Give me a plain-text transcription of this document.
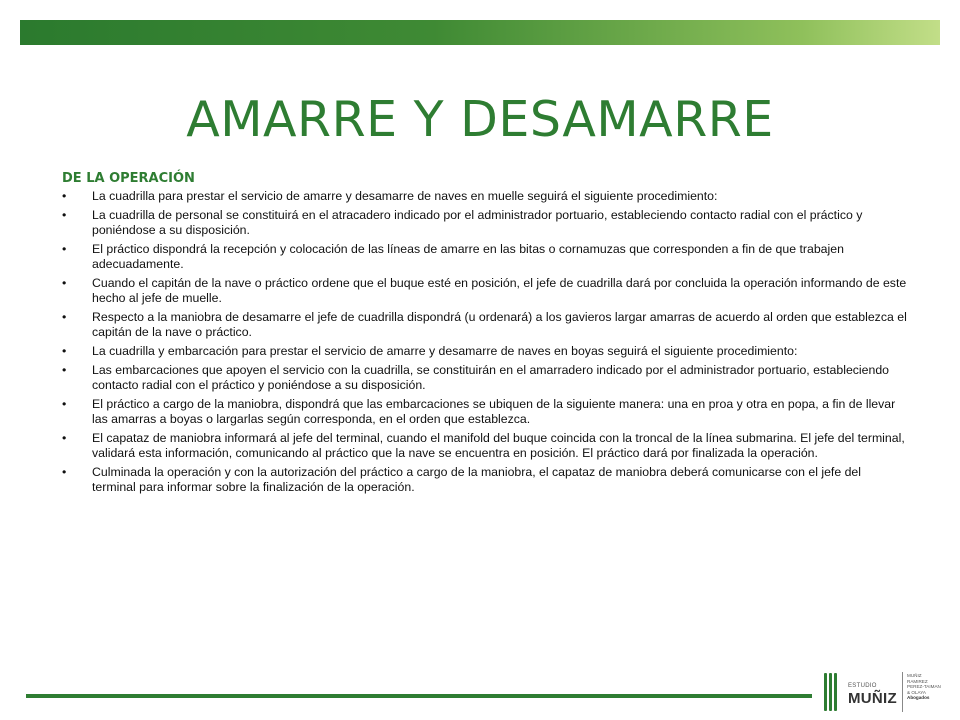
AMARRE Y DESAMARRE
DE LA OPERACIÓN
•	La cuadrilla para prestar el servicio de amarre y desamarre de naves en muelle seguirá el siguiente procedimiento:
•	La cuadrilla de personal se constituirá en el atracadero indicado por el administrador portuario, estableciendo contacto radial con el práctico y poniéndose a su disposición.
•	El práctico dispondrá la recepción y colocación de las líneas de amarre en las bitas o cornamuzas que corresponden a fin de que trabajen adecuadamente.
•	Cuando el capitán de la nave o práctico ordene que el buque esté en posición, el jefe de cuadrilla dará por concluida la operación informando de este hecho al jefe de muelle.
•	Respecto a la maniobra de desamarre el jefe de cuadrilla dispondrá (u ordenará) a los gavieros largar amarras de acuerdo al orden que establezca el capitán de la nave o práctico.
•	La cuadrilla y embarcación para prestar el servicio de amarre y desamarre de naves en boyas seguirá el siguiente procedimiento:
•	Las embarcaciones que apoyen el servicio con la cuadrilla, se constituirán en el amarradero indicado por el administrador portuario, estableciendo contacto radial con el práctico y poniéndose a su disposición.
•	El práctico a cargo de la maniobra, dispondrá que las embarcaciones se ubiquen de la siguiente manera: una en proa y otra en popa, a fin de llevar las amarras a boyas o largarlas según corresponda, en el orden que establezca.
•	El capataz de maniobra informará al jefe del terminal, cuando el manifold del buque coincida con la troncal de la línea submarina. El jefe del terminal, validará esta información, comunicando al práctico que la nave se encuentra en posición. El práctico dará por finalizada la operación.
•	Culminada la operación y con la autorización del práctico a cargo de la maniobra, el capataz de maniobra deberá comunicarse con el jefe del terminal para informar sobre la finalización de la operación.
ESTUDIO
MUÑIZ
MUÑIZ
RAMIREZ
PEREZ-TAIMAN
& OLAYA
Abogados
